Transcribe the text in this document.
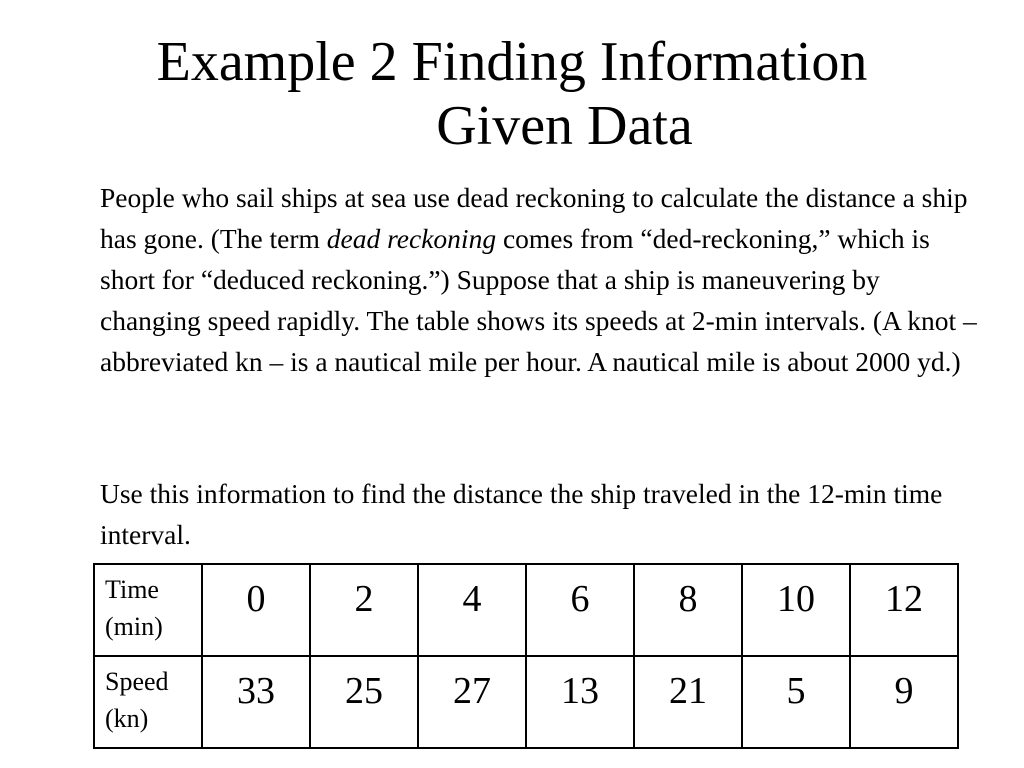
Example 2 Finding Information
Given Data
People who sail ships at sea use dead reckoning to calculate the distance a ship has gone. (The term dead reckoning comes from “ded-reckoning,” which is short for “deduced reckoning.”) Suppose that a ship is maneuvering by changing speed rapidly. The table shows its speeds at 2-min intervals. (A knot – abbreviated kn – is a nautical mile per hour. A nautical mile is about 2000 yd.)
Use this information to find the distance the ship traveled in the 12-min time interval.
Time
(min)	0	2	4	6	8	10	12

Speed
(kn)	33	25	27	13	21	5	9
